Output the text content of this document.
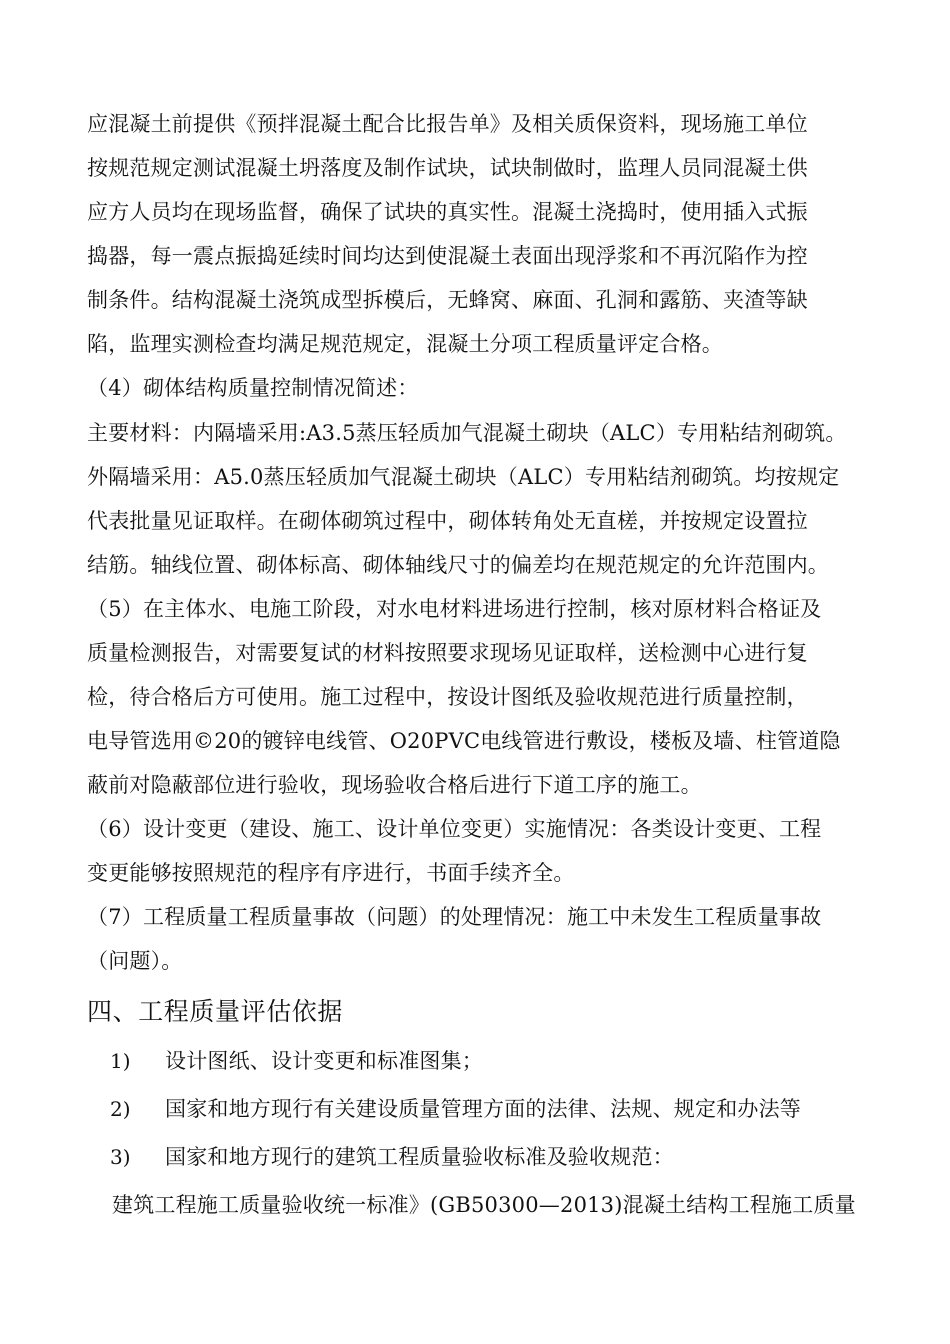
应混凝土前提供《预拌混凝土配合比报告单》及相关质保资料，现场施工单位
按规范规定测试混凝土坍落度及制作试块，试块制做时，监理人员同混凝土供
应方人员均在现场监督，确保了试块的真实性。混凝土浇捣时，使用插入式振
捣器，每一震点振捣延续时间均达到使混凝土表面出现浮浆和不再沉陷作为控
制条件。结构混凝土浇筑成型拆模后，无蜂窝、麻面、孔洞和露筋、夹渣等缺
陷，监理实测检查均满足规范规定，混凝土分项工程质量评定合格。
（4）砌体结构质量控制情况简述：
主要材料：内隔墙采用:A3.5蒸压轻质加气混凝土砌块（ALC）专用粘结剂砌筑。
外隔墙采用：A5.0蒸压轻质加气混凝土砌块（ALC）专用粘结剂砌筑。均按规定
代表批量见证取样。在砌体砌筑过程中，砌体转角处无直槎，并按规定设置拉
结筋。轴线位置、砌体标高、砌体轴线尺寸的偏差均在规范规定的允许范围内。
（5）在主体水、电施工阶段，对水电材料进场进行控制，核对原材料合格证及
质量检测报告，对需要复试的材料按照要求现场见证取样，送检测中心进行复
检，待合格后方可使用。施工过程中，按设计图纸及验收规范进行质量控制，
电导管选用©20的镀锌电线管、O20PVC电线管进行敷设，楼板及墙、柱管道隐
蔽前对隐蔽部位进行验收，现场验收合格后进行下道工序的施工。
（6）设计变更（建设、施工、设计单位变更）实施情况：各类设计变更、工程
变更能够按照规范的程序有序进行，书面手续齐全。
（7）工程质量工程质量事故（问题）的处理情况：施工中未发生工程质量事故
（问题）。
四、工程质量评估依据
1) 设计图纸、设计变更和标准图集；
2) 国家和地方现行有关建设质量管理方面的法律、法规、规定和办法等
3) 国家和地方现行的建筑工程质量验收标准及验收规范：
建筑工程施工质量验收统一标准》(GB50300—2013)混凝土结构工程施工质量
